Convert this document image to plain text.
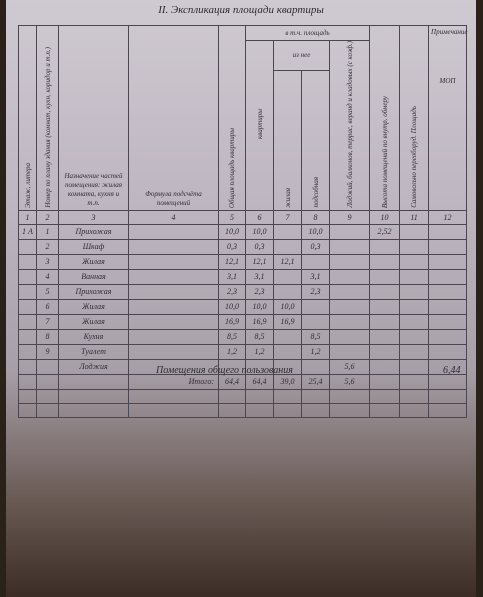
II. Экспликация площади квартиры
Этаж, литера	Номер по плану здания (комнат, кухн, коридор и т.п.)	Назначение частей помещения: жилая комната, кухня и т.п.	Формула подсчёта помещений	Общая площадь квартиры	в т.ч. площадь				Высота помещений по внутр. обмеру	Самовольно переоборуд. Площадь	Примечание
МОП

					квартиры	из нее		Лоджий, балконов, террас, веранд и кладовых (с коэф.)			
						жилая	подсобная				
1	2	3	4	5	6	7	8	9	10	11	12
1 А	1	Прихожая		10,0	10,0		10,0		2,52		
	2	Шкаф		0,3	0,3		0,3				
	3	Жилая		12,1	12,1	12,1					
	4	Ванная		3,1	3,1		3,1				
	5	Прихожая		2,3	2,3		2,3				
	6	Жилая		10,0	10,0	10,0					
	7	Жилая		16,9	16,9	16,9					
	8	Кухня		8,5	8,5		8,5				
	9	Туалет		1,2	1,2		1,2				
		Лоджия						5,6			
			Итого:	64,4	64,4	39,0	25,4	5,6			

Помещения общего пользования	6,44
